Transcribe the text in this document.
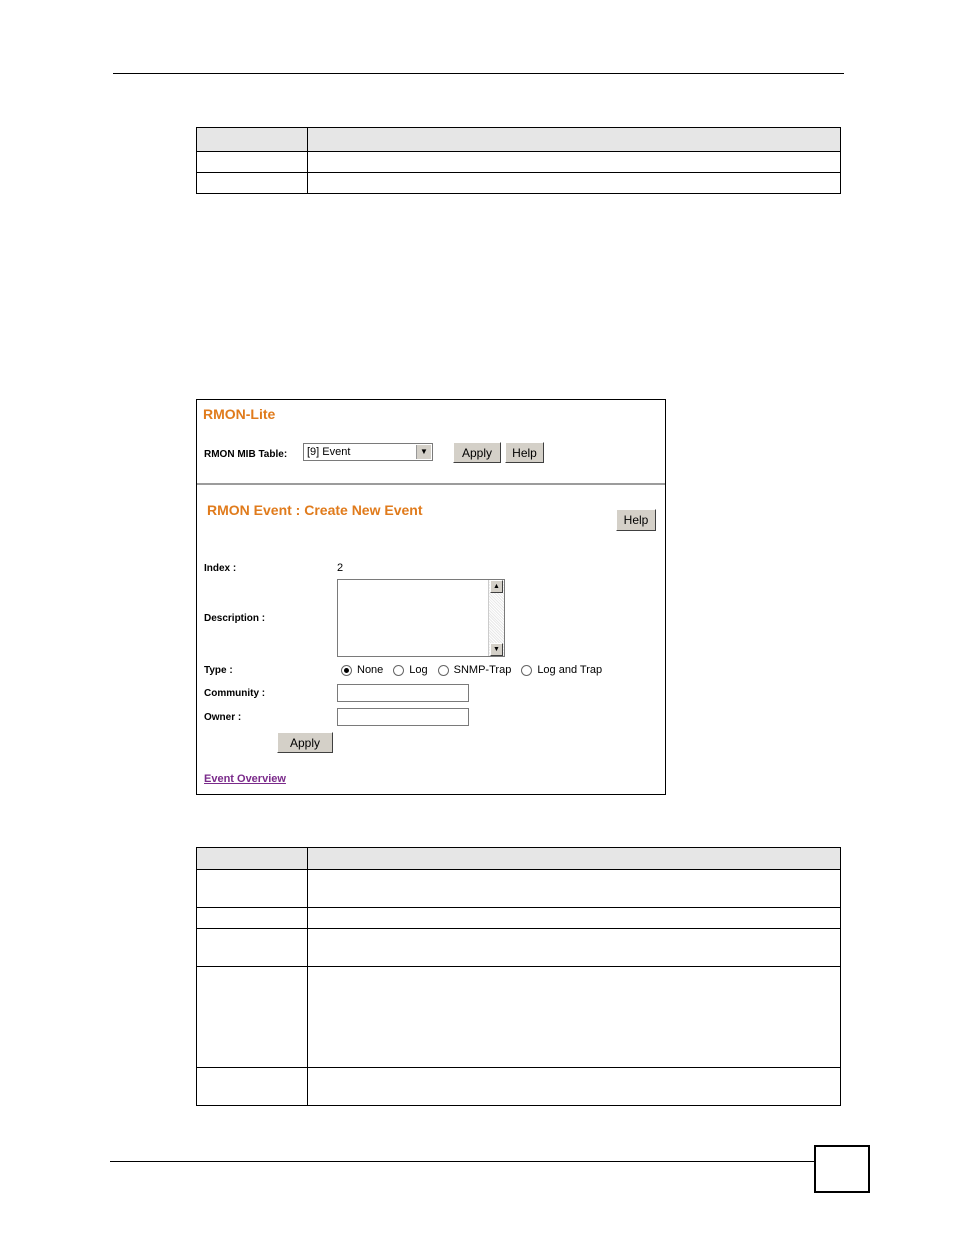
RMON-Lite
RMON MIB Table:	[9] Event	▼	Apply	Help
RMON Event : Create New Event
Help
Index :	2
Description :
▲
▼
Type :	None Log SNMP-Trap Log and Trap
Community :
Owner :
Apply
Event Overview
